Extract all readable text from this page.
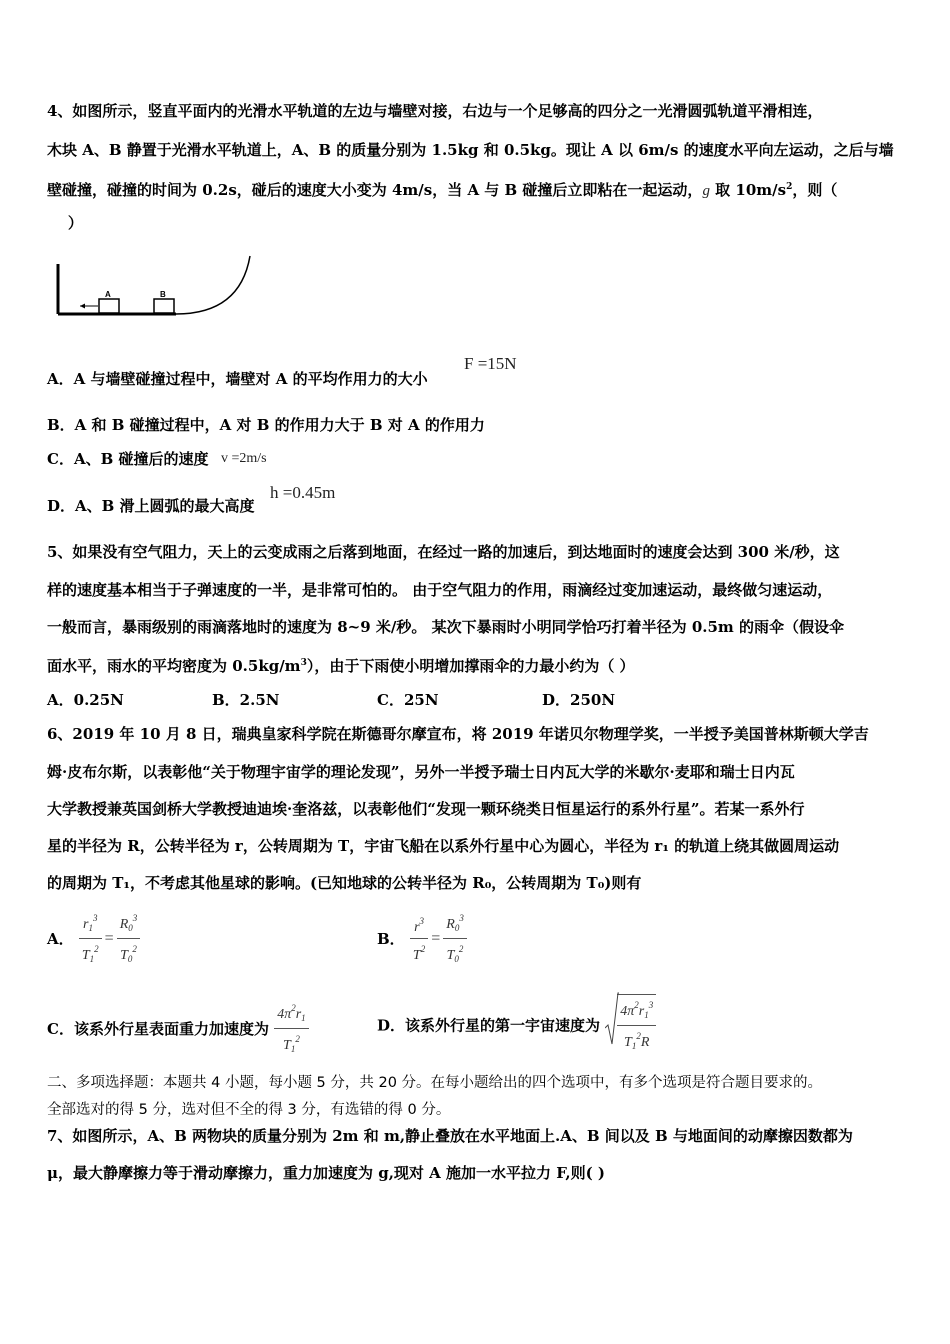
4、如图所示，竖直平面内的光滑水平轨道的左边与墙壁对接，右边与一个足够高的四分之一光滑圆弧轨道平滑相连，
木块 A、B 静置于光滑水平轨道上，A、B 的质量分别为 1.5kg 和 0.5kg。现让 A 以 6m/s 的速度水平向左运动，之后与墙
壁碰撞，碰撞的时间为 0.2s，碰后的速度大小变为 4m/s，当 A 与 B 碰撞后立即粘在一起运动，g 取 $10m/s^2$，则（
）
A	B
A．A 与墙壁碰撞过程中，墙壁对 A 的平均作用力的大小
F =15N
B．A 和 B 碰撞过程中，A 对 B 的作用力大于 B 对 A 的作用力
C．A、B 碰撞后的速度 v =2m/s
D．A、B 滑上圆弧的最大高度
h =0.45m
5、如果没有空气阻力，天上的云变成雨之后落到地面，在经过一路的加速后，到达地面时的速度会达到 300 米/秒，这
样的速度基本相当于子弹速度的一半，是非常可怕的。 由于空气阻力的作用，雨滴经过变加速运动，最终做匀速运动，
一般而言，暴雨级别的雨滴落地时的速度为 8~9 米/秒。 某次下暴雨时小明同学恰巧打着半径为 0.5m 的雨伞（假设伞
面水平，雨水的平均密度为 $0.5kg/m^3$），由于下雨使小明增加撑雨伞的力最小约为（ ）
A．0.25N	B．2.5N	C．25N	D．250N
6、2019 年 10 月 8 日，瑞典皇家科学院在斯德哥尔摩宣布，将 2019 年诺贝尔物理学奖，一半授予美国普林斯顿大学吉
姆·皮布尔斯，以表彰他“关于物理宇宙学的理论发现”，另外一半授予瑞士日内瓦大学的米歇尔·麦耶和瑞士日内瓦
大学教授兼英国剑桥大学教授迪迪埃·奎洛兹，以表彰他们“发现一颗环绕类日恒星运行的系外行星”。若某一系外行
星的半径为 R，公转半径为 r，公转周期为 T，宇宙飞船在以系外行星中心为圆心，半径为 r₁ 的轨道上绕其做圆周运动
的周期为 T₁，不考虑其他星球的影响。(已知地球的公转半径为 R₀，公转周期为 T₀)则有
A． $\frac{r_1^3}{T_1^2} = \frac{R_0^3}{T_0^2}$	B． $\frac{r^3}{T^2} = \frac{R_0^3}{T_0^2}$
C．该系外行星表面重力加速度为 $\frac{4\pi^2r_1}{T_1^2}$	D．该系外行星的第一宇宙速度为 $\frac{4\pi^2r_1^3}{T_1^2R}$
二、多项选择题：本题共 4 小题，每小题 5 分，共 20 分。在每小题给出的四个选项中，有多个选项是符合题目要求的。
全部选对的得 5 分，选对但不全的得 3 分，有选错的得 0 分。
7、如图所示，A、B 两物块的质量分别为 2m 和 m,静止叠放在水平地面上.A、B 间以及 B 与地面间的动摩擦因数都为
μ，最大静摩擦力等于滑动摩擦力，重力加速度为 g,现对 A 施加一水平拉力 F,则( )
